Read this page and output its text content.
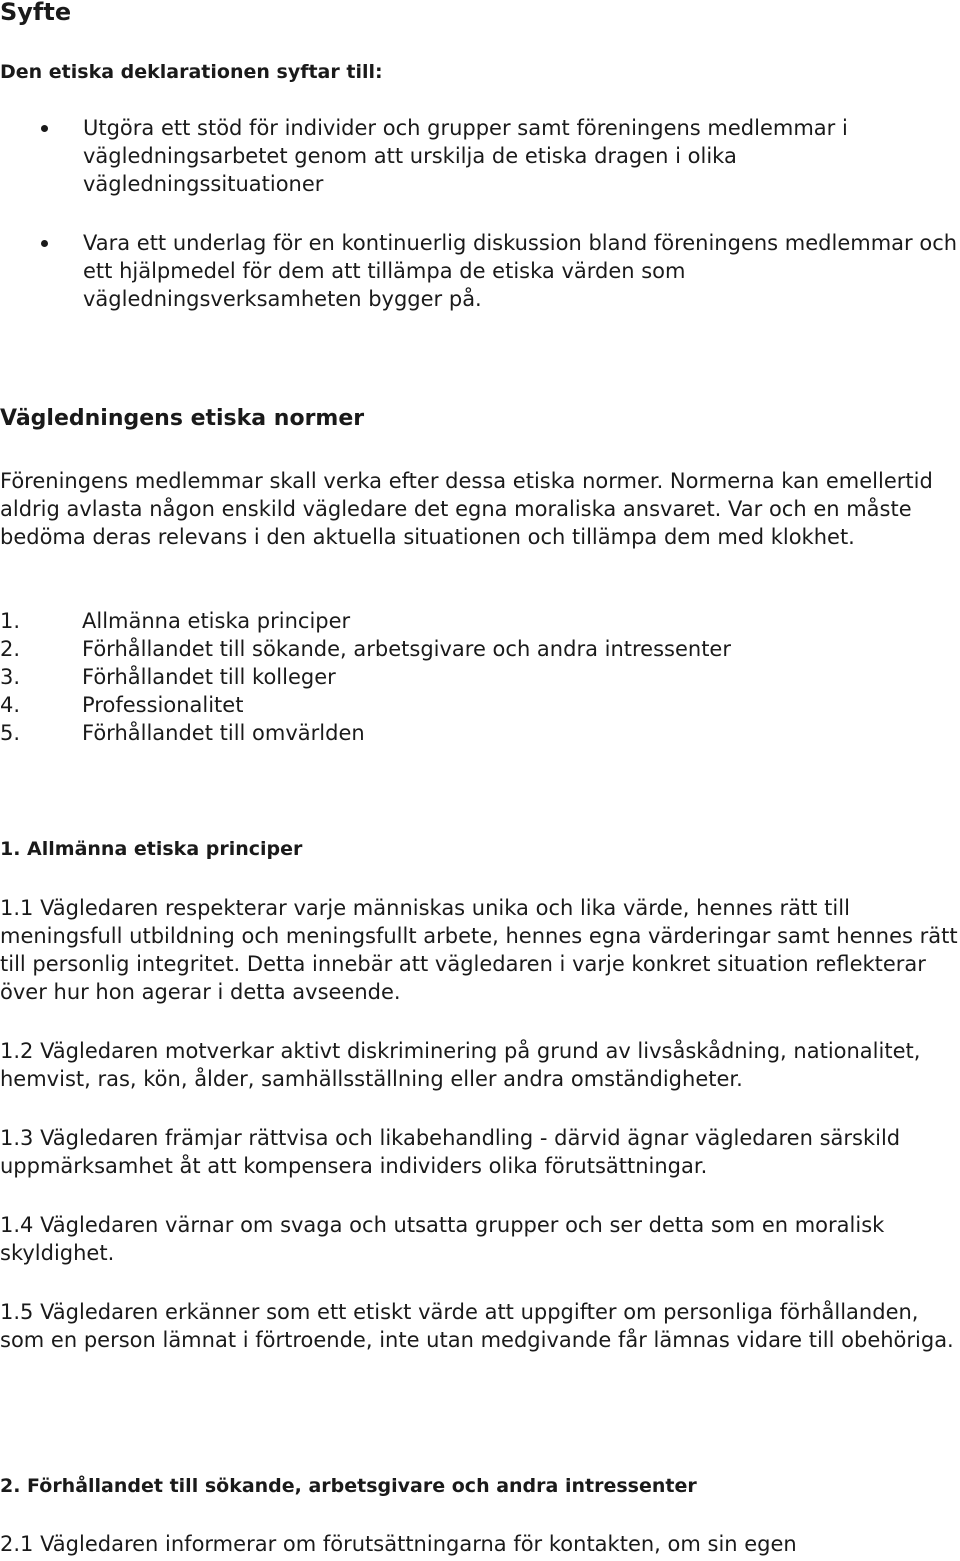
Syfte

Den etiska deklarationen syftar till:

Utgöra ett stöd för individer och grupper samt föreningens medlemmar i vägledningsarbetet genom att urskilja de etiska dragen i olika vägledningssituationer

Vara ett underlag för en kontinuerlig diskussion bland föreningens medlemmar och ett hjälpmedel för dem att tillämpa de etiska värden som vägledningsverksamheten bygger på.

Vägledningens etiska normer

Föreningens medlemmar skall verka efter dessa etiska normer. Normerna kan emellertid aldrig avlasta någon enskild vägledare det egna moraliska ansvaret. Var och en måste bedöma deras relevans i den aktuella situationen och tillämpa dem med klokhet.

1.	Allmänna etiska principer
2.	Förhållandet till sökande, arbetsgivare och andra intressenter
3.	Förhållandet till kolleger
4.	Professionalitet
5.	Förhållandet till omvärlden

1. Allmänna etiska principer

1.1 Vägledaren respekterar varje människas unika och lika värde, hennes rätt till meningsfull utbildning och meningsfullt arbete, hennes egna värderingar samt hennes rätt till personlig integritet. Detta innebär att vägledaren i varje konkret situation reflekterar över hur hon agerar i detta avseende.

1.2 Vägledaren motverkar aktivt diskriminering på grund av livsåskådning, nationalitet, hemvist, ras, kön, ålder, samhällsställning eller andra omständigheter.

1.3 Vägledaren främjar rättvisa och likabehandling - därvid ägnar vägledaren särskild uppmärksamhet åt att kompensera individers olika förutsättningar.

1.4 Vägledaren värnar om svaga och utsatta grupper och ser detta som en moralisk skyldighet.

1.5 Vägledaren erkänner som ett etiskt värde att uppgifter om personliga förhållanden, som en person lämnat i förtroende, inte utan medgivande får lämnas vidare till obehöriga.

2. Förhållandet till sökande, arbetsgivare och andra intressenter

2.1 Vägledaren informerar om förutsättningarna för kontakten, om sin egen
